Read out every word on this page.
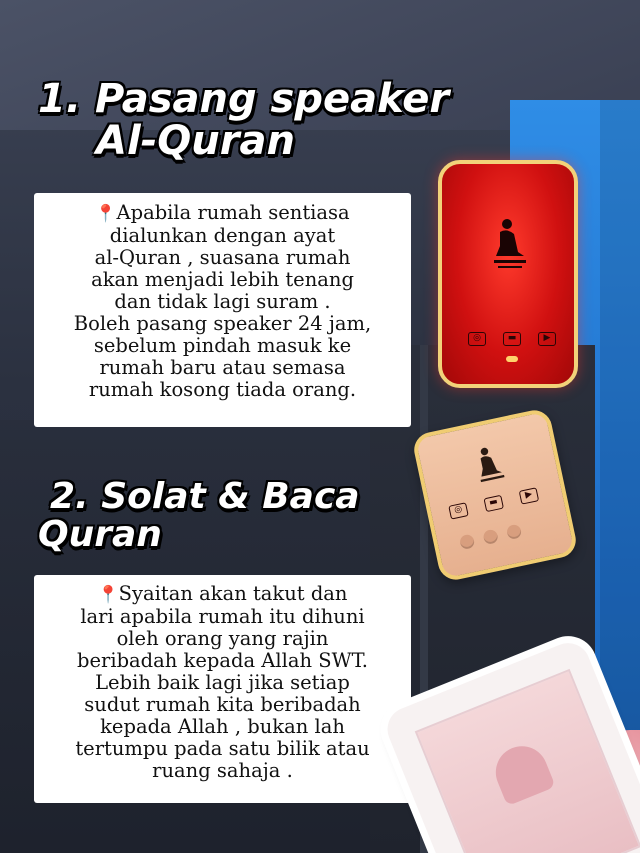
1. Pasang speaker
Al-Quran
📍Apabila rumah sentiasa
dialunkan dengan ayat
al-Quran , suasana rumah
akan menjadi lebih tenang
dan tidak lagi suram .
Boleh pasang speaker 24 jam,
sebelum pindah masuk ke
rumah baru atau semasa
rumah kosong tiada orang.
◎	▬	▶
2. Solat & Baca
Quran
◎
▬
▶
📍Syaitan akan takut dan
lari apabila rumah itu dihuni
oleh orang yang rajin
beribadah kepada Allah SWT.
Lebih baik lagi jika setiap
sudut rumah kita beribadah
kepada Allah , bukan lah
tertumpu pada satu bilik atau
ruang sahaja .
